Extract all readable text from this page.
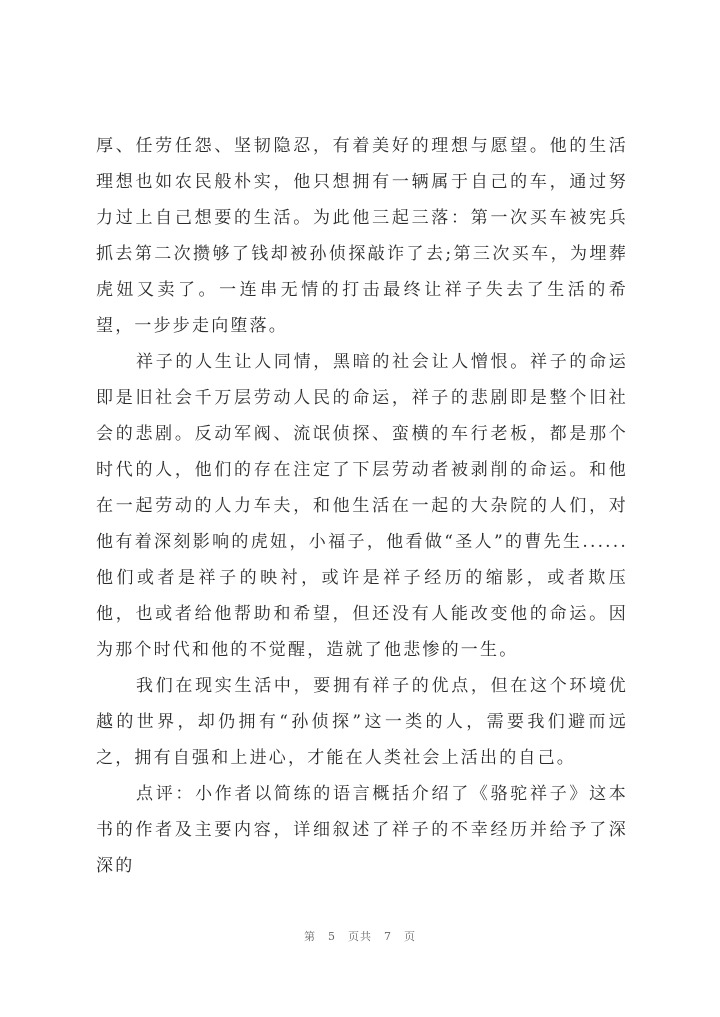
厚、任劳任怨、坚韧隐忍，有着美好的理想与愿望。他的生活理想也如农民般朴实，他只想拥有一辆属于自己的车，通过努力过上自己想要的生活。为此他三起三落：第一次买车被宪兵抓去第二次攒够了钱却被孙侦探敲诈了去;第三次买车，为埋葬虎妞又卖了。一连串无情的打击最终让祥子失去了生活的希望，一步步走向堕落。

祥子的人生让人同情，黑暗的社会让人憎恨。祥子的命运即是旧社会千万层劳动人民的命运，祥子的悲剧即是整个旧社会的悲剧。反动军阀、流氓侦探、蛮横的车行老板，都是那个时代的人，他们的存在注定了下层劳动者被剥削的命运。和他在一起劳动的人力车夫，和他生活在一起的大杂院的人们，对他有着深刻影响的虎妞，小福子，他看做“圣人”的曹先生......他们或者是祥子的映衬，或许是祥子经历的缩影，或者欺压他，也或者给他帮助和希望，但还没有人能改变他的命运。因为那个时代和他的不觉醒，造就了他悲惨的一生。

我们在现实生活中，要拥有祥子的优点，但在这个环境优越的世界，却仍拥有“孙侦探”这一类的人，需要我们避而远之，拥有自强和上进心，才能在人类社会上活出的自己。

点评：小作者以简练的语言概括介绍了《骆驼祥子》这本书的作者及主要内容，详细叙述了祥子的不幸经历并给予了深深的

第 5 页共 7 页
